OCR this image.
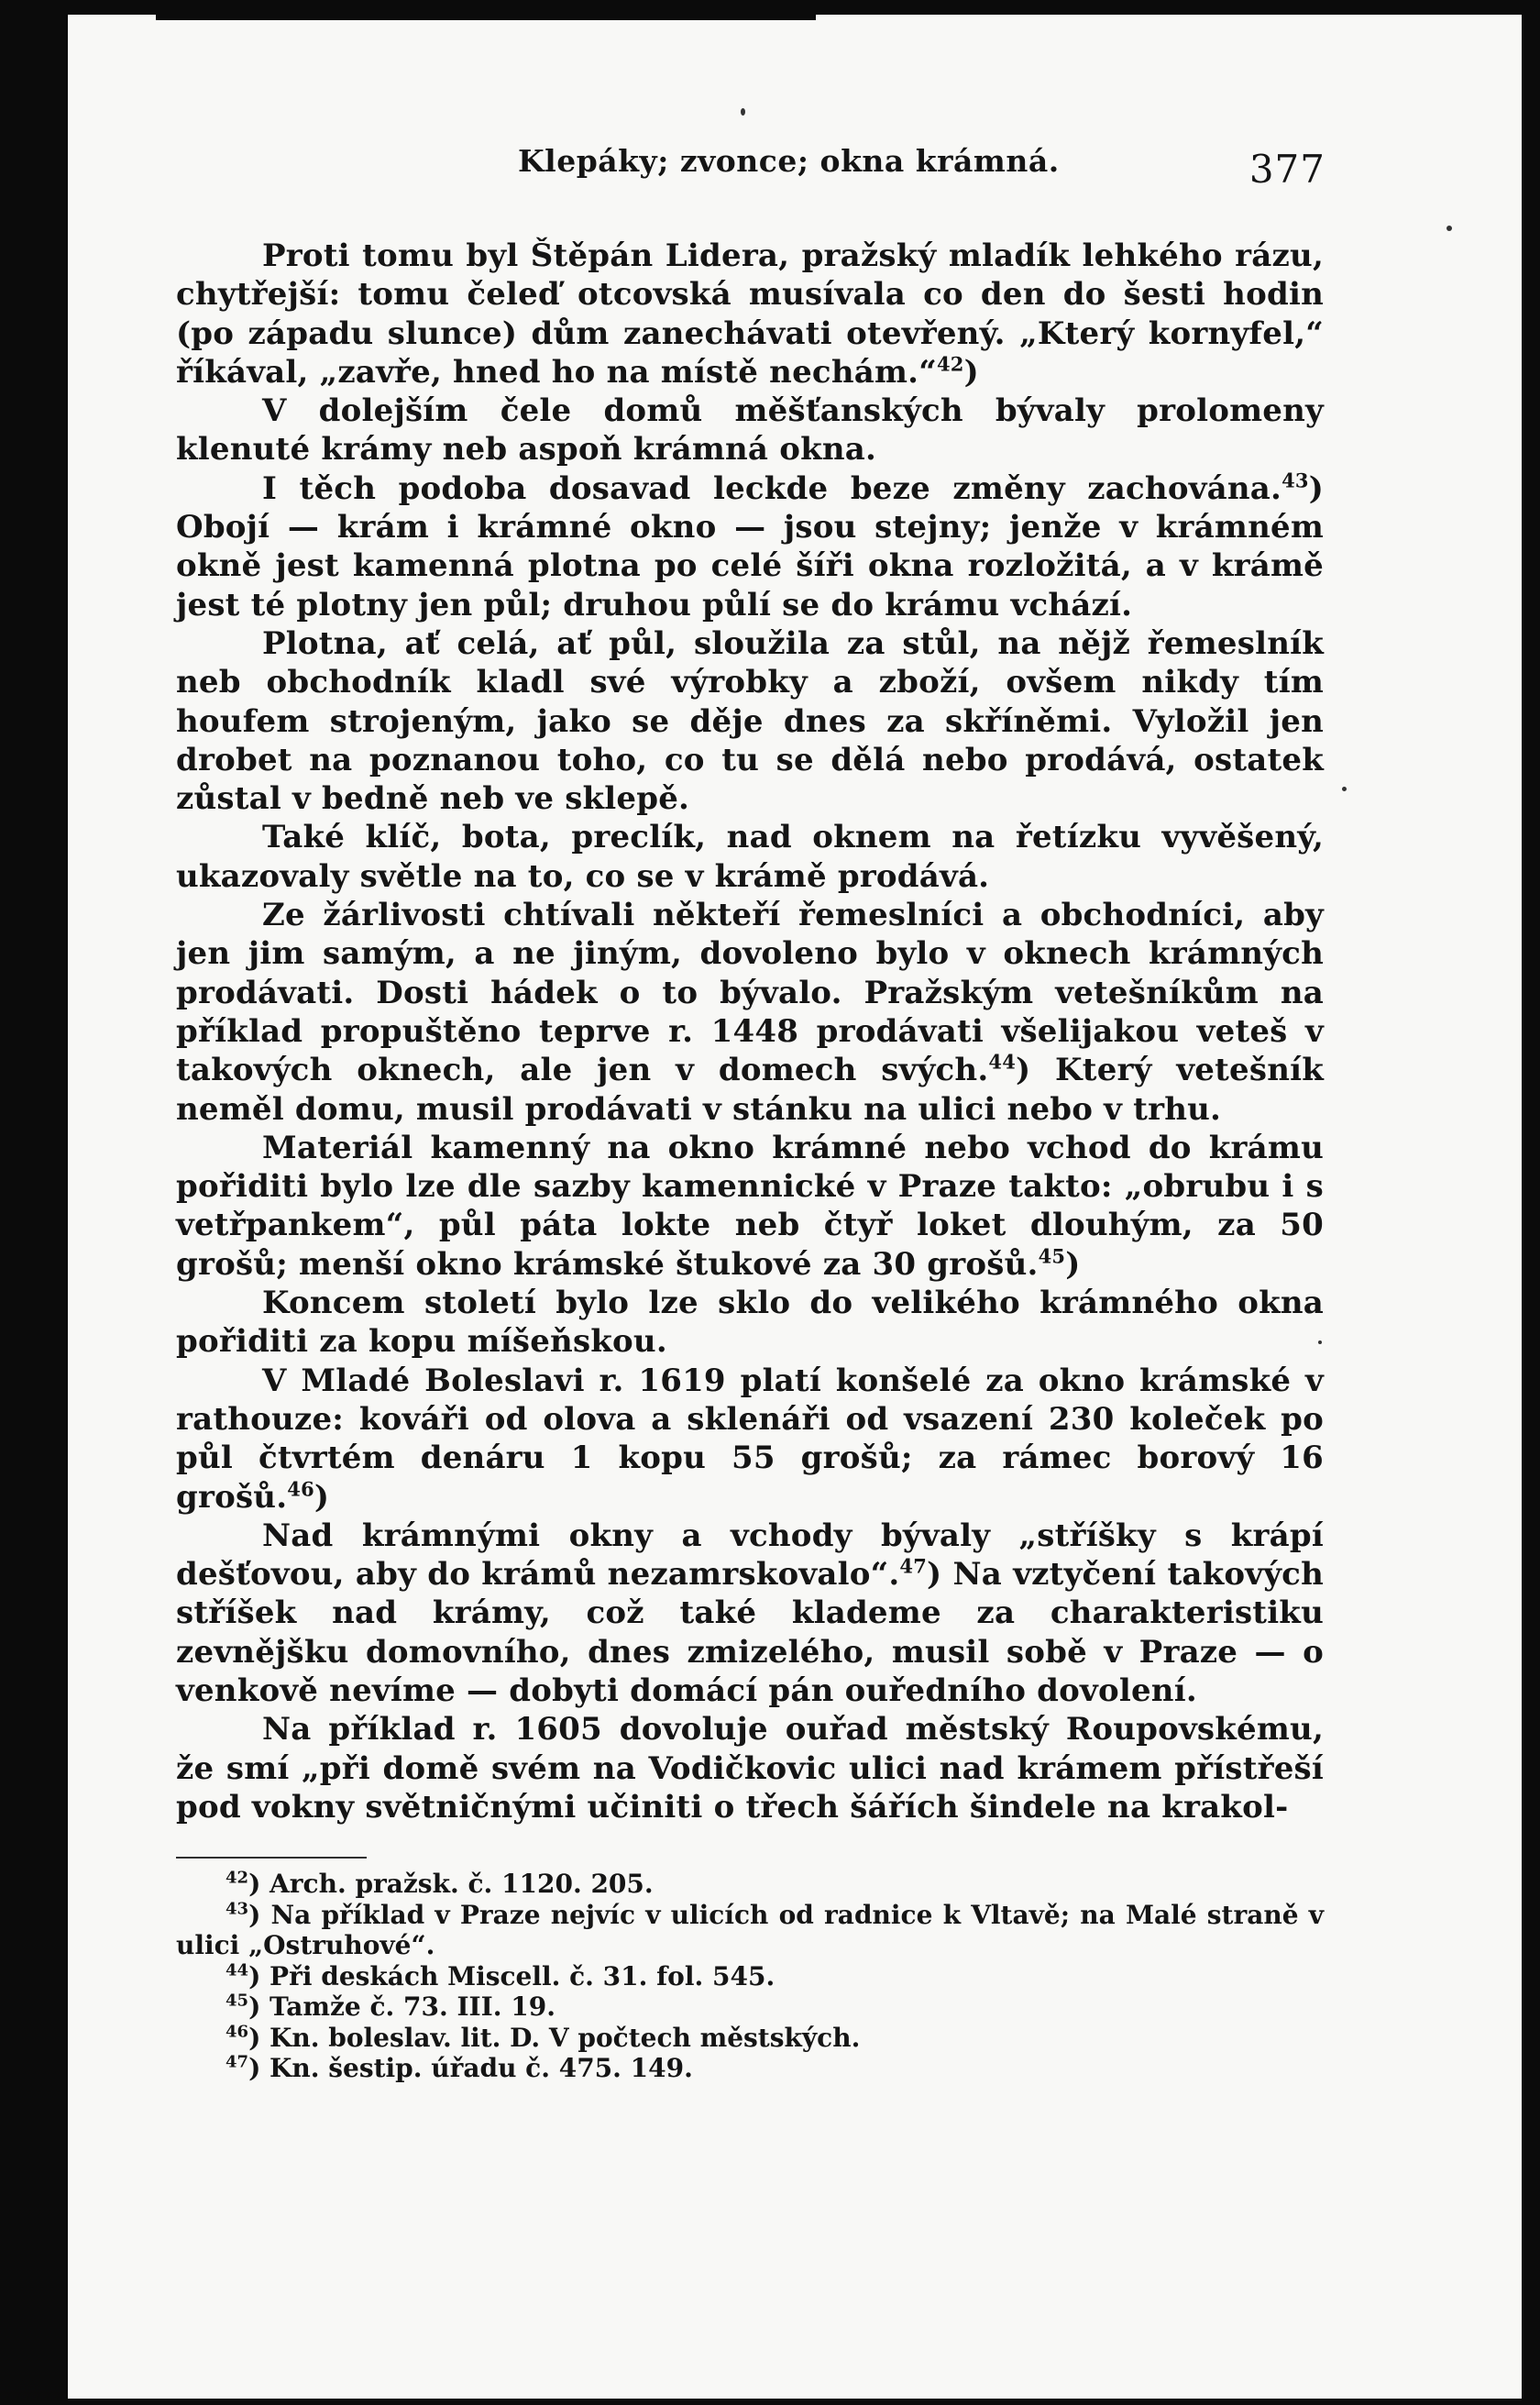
Klepáky; zvonce; okna krámná.	377

Proti tomu byl Štěpán Lidera, pražský mladík lehkého rázu, chytřejší: tomu čeleď otcovská musívala co den do šesti hodin (po západu slunce) dům zanechávati otevřený. „Který kornyfel,“ říkával, „zavře, hned ho na místě nechám.“$^{42}$)

V dolejším čele domů měšťanských bývaly prolomeny klenuté krámy neb aspoň krámná okna.

I těch podoba dosavad leckde beze změny zachována.$^{43}$) Obojí — krám i krámné okno — jsou stejny; jenže v krámném okně jest kamenná plotna po celé šíři okna rozložitá, a v krámě jest té plotny jen půl; druhou půlí se do krámu vchází.

Plotna, ať celá, ať půl, sloužila za stůl, na nějž řemeslník neb obchodník kladl své výrobky a zboží, ovšem nikdy tím houfem strojeným, jako se děje dnes za skříněmi. Vyložil jen drobet na poznanou toho, co tu se dělá nebo prodává, ostatek zůstal v bedně neb ve sklepě.

Také klíč, bota, preclík, nad oknem na řetízku vyvěšený, ukazovaly světle na to, co se v krámě prodává.

Ze žárlivosti chtívali někteří řemeslníci a obchodníci, aby jen jim samým, a ne jiným, dovoleno bylo v oknech krámných prodávati. Dosti hádek o to bývalo. Pražským vetešníkům na příklad propuštěno teprve r. 1448 prodávati všelijakou veteš v takových oknech, ale jen v domech svých.$^{44}$) Který vetešník neměl domu, musil prodávati v stánku na ulici nebo v trhu.

Materiál kamenný na okno krámné nebo vchod do krámu pořiditi bylo lze dle sazby kamennické v Praze takto: „obrubu i s vetřpankem“, půl páta lokte neb čtyř loket dlouhým, za 50 grošů; menší okno krámské štukové za 30 grošů.$^{45}$)

Koncem století bylo lze sklo do velikého krámného okna pořiditi za kopu míšeňskou.

V Mladé Boleslavi r. 1619 platí konšelé za okno krámské v rathouze: kováři od olova a sklenáři od vsazení 230 koleček po půl čtvrtém denáru 1 kopu 55 grošů; za rámec borový 16 grošů.$^{46}$)

Nad krámnými okny a vchody bývaly „stříšky s krápí dešťovou, aby do krámů nezamrskovalo“.$^{47}$) Na vztyčení takových stříšek nad krámy, což také klademe za charakteristiku zevnějšku domovního, dnes zmizelého, musil sobě v Praze — o venkově nevíme — dobyti domácí pán ouředního dovolení.

Na příklad r. 1605 dovoluje ouřad městský Roupovskému, že smí „při domě svém na Vodičkovic ulici nad krámem přístřeší pod vokny světničnými učiniti o třech šářích šindele na krakol-

$^{42}$) Arch. pražsk. č. 1120. 205.

$^{43}$) Na příklad v Praze nejvíc v ulicích od radnice k Vltavě; na Malé straně v ulici „Ostruhové“.

$^{44}$) Při deskách Miscell. č. 31. fol. 545.

$^{45}$) Tamže č. 73. III. 19.

$^{46}$) Kn. boleslav. lit. D. V počtech městských.

$^{47}$) Kn. šestip. úřadu č. 475. 149.
